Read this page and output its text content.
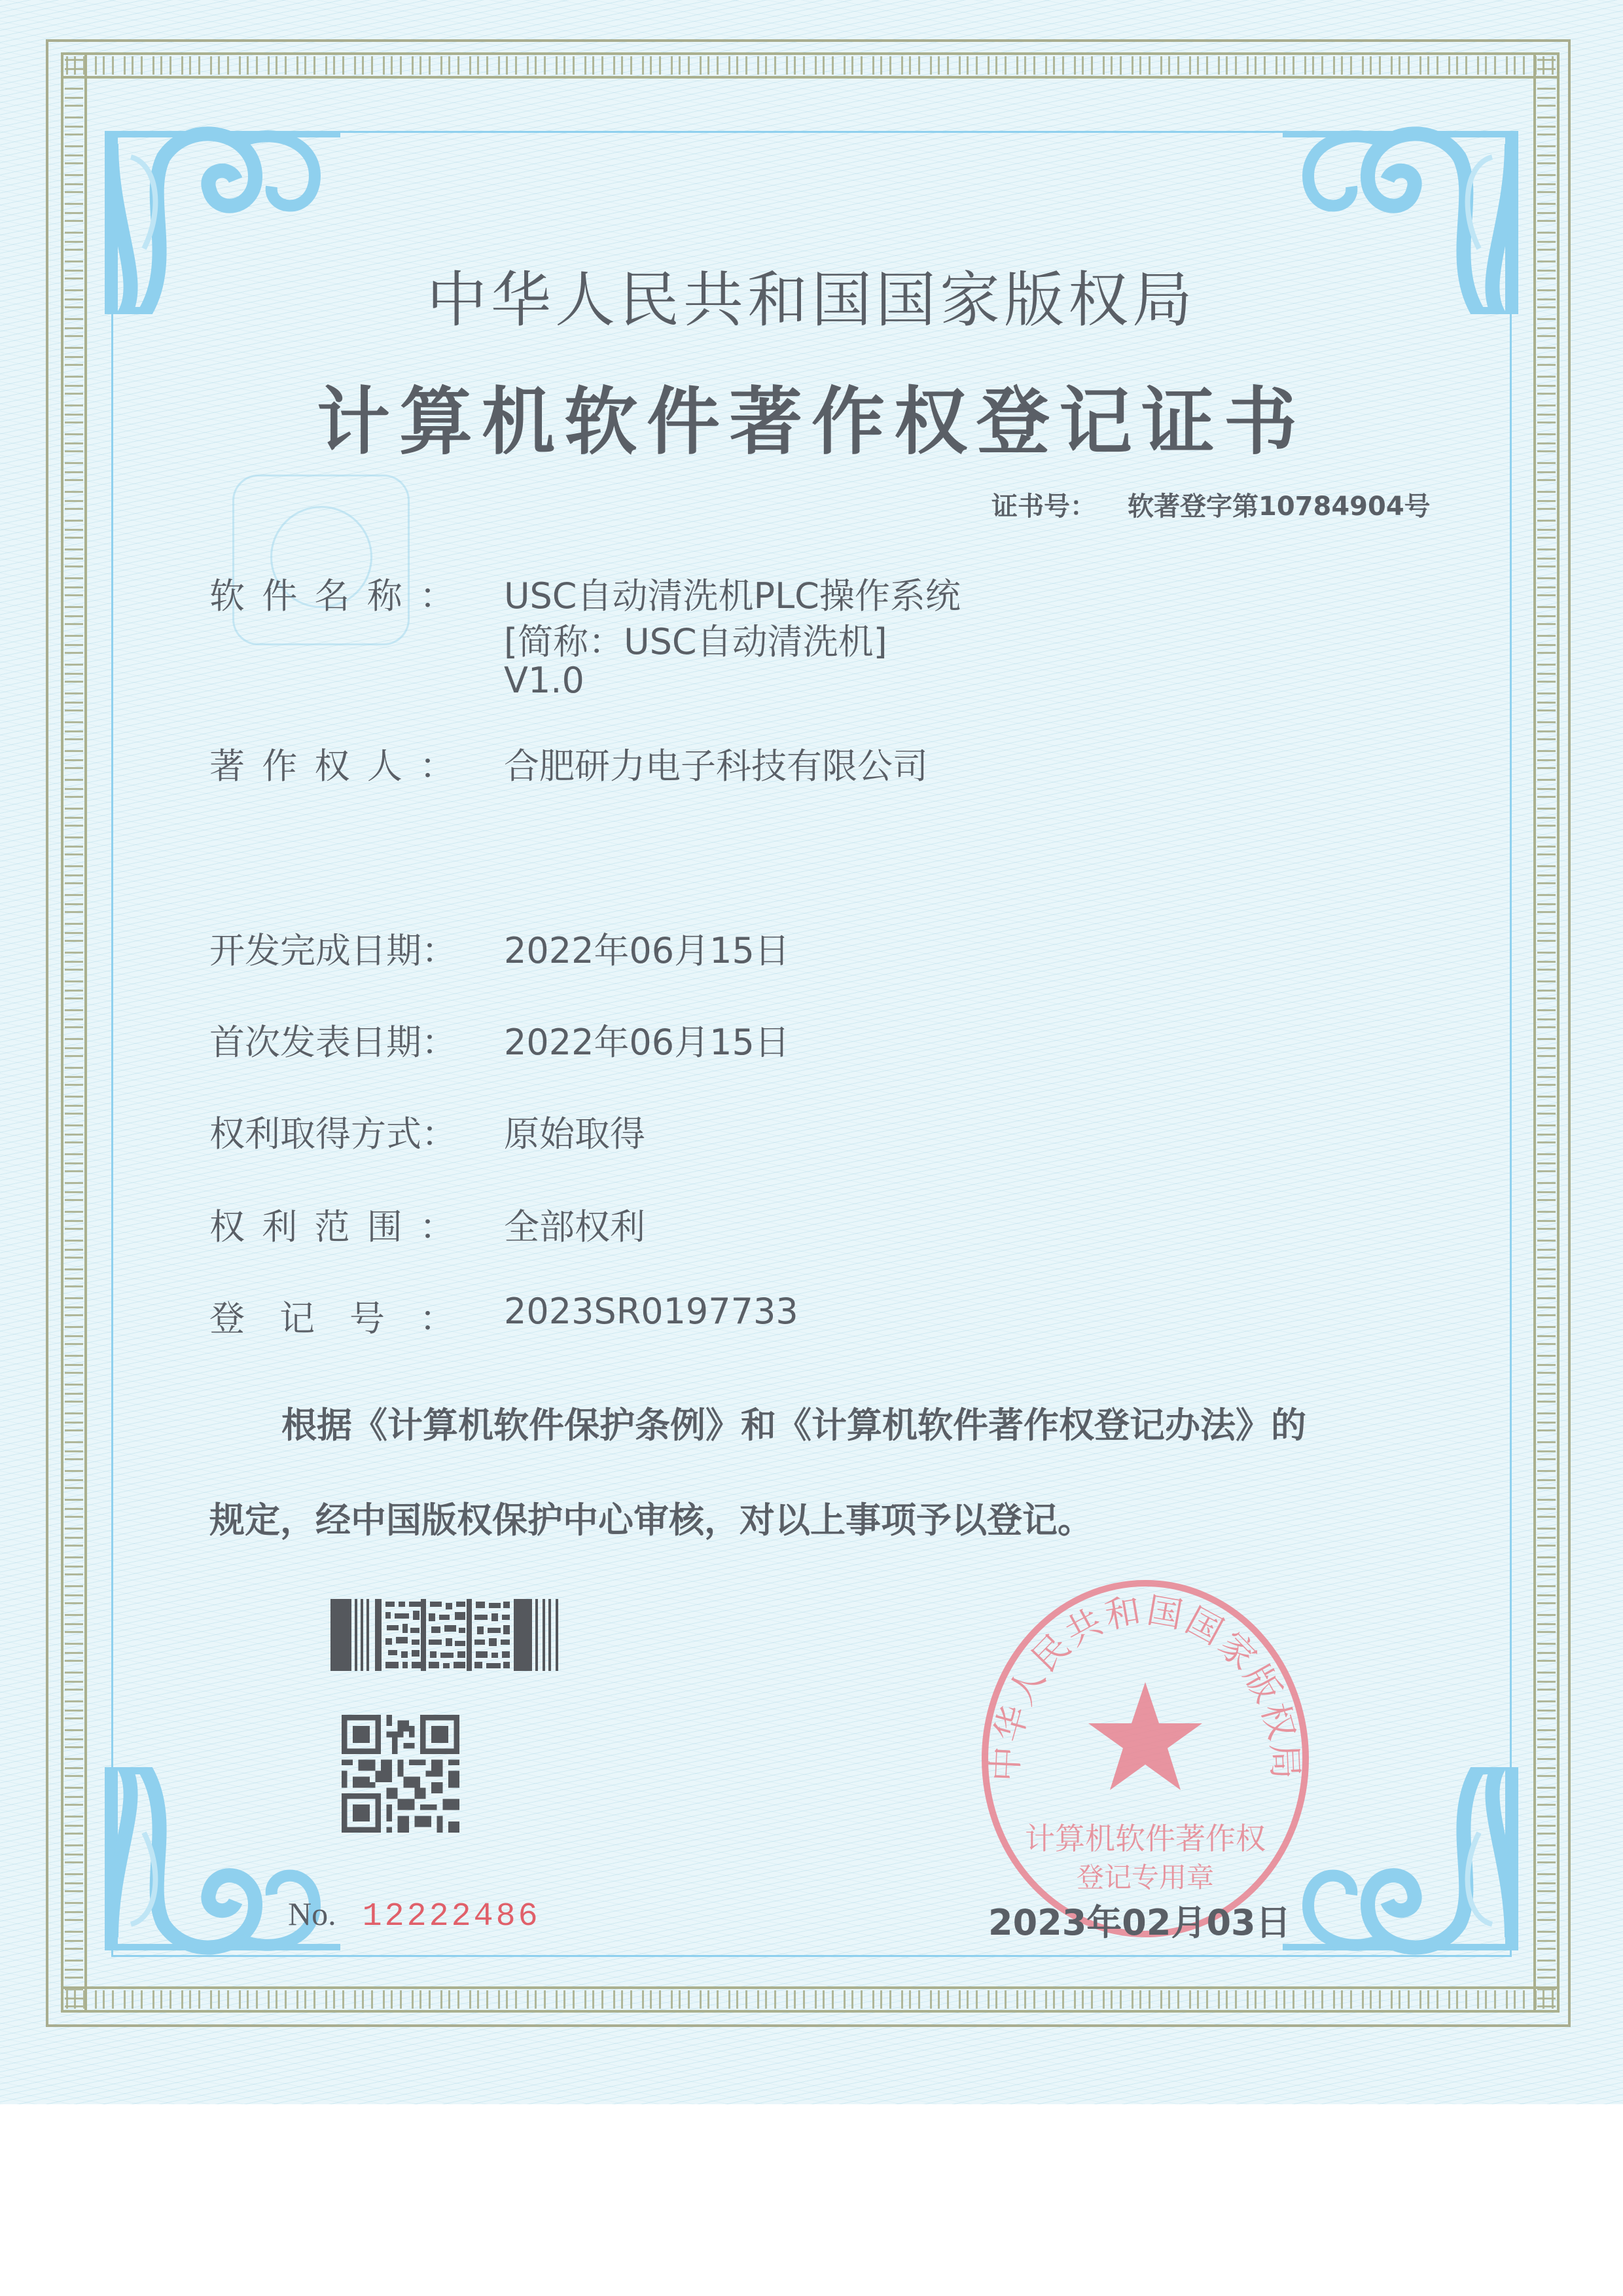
中华人民共和国国家版权局
计算机软件著作权登记证书
证书号： 软著登字第10784904号
软件名称： USC自动清洗机PLC操作系统
[简称：USC自动清洗机]
V1.0
著作权人： 合肥研力电子科技有限公司
开发完成日期： 2022年06月15日
首次发表日期： 2022年06月15日
权利取得方式： 原始取得
权利范围： 全部权利
登记号： 2023SR0197733
根据《计算机软件保护条例》和《计算机软件著作权登记办法》的
规定，经中国版权保护中心审核，对以上事项予以登记。
No. 12222486
中华人民共和国国家版权局
计算机软件著作权
登记专用章
2023年02月03日
